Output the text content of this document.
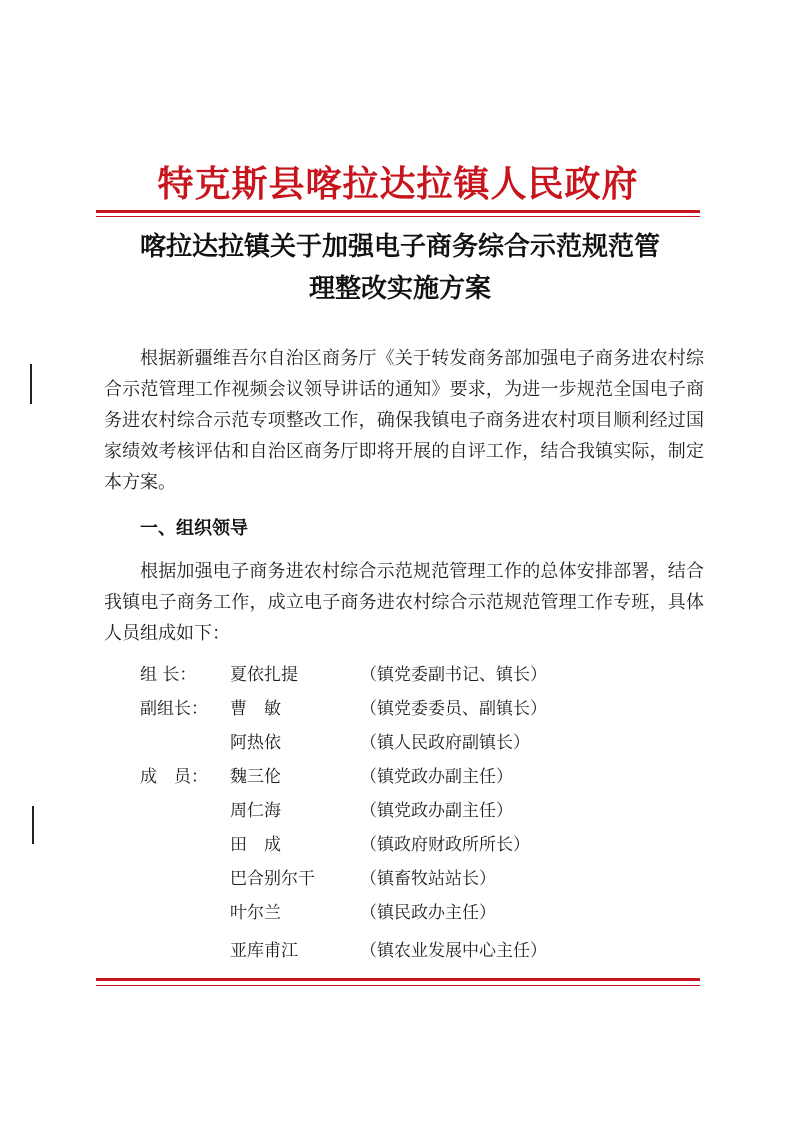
特克斯县喀拉达拉镇人民政府
喀拉达拉镇关于加强电子商务综合示范规范管
理整改实施方案

根据新疆维吾尔自治区商务厅《关于转发商务部加强电子商务进农村综合示范管理工作视频会议领导讲话的通知》要求，为进一步规范全国电子商务进农村综合示范专项整改工作，确保我镇电子商务进农村项目顺利经过国家绩效考核评估和自治区商务厅即将开展的自评工作，结合我镇实际，制定本方案。

一、组织领导

根据加强电子商务进农村综合示范规范管理工作的总体安排部署，结合我镇电子商务工作，成立电子商务进农村综合示范规范管理工作专班，具体人员组成如下：

组 长：	夏依扎提	（镇党委副书记、镇长）
副组长：	曹　敏	（镇党委委员、副镇长）
阿热依	（镇人民政府副镇长）
成　员：	魏三伦	（镇党政办副主任）
周仁海	（镇党政办副主任）
田　成	（镇政府财政所所长）
巴合别尔干	（镇畜牧站站长）
叶尔兰	（镇民政办主任）
亚库甫江	（镇农业发展中心主任）
